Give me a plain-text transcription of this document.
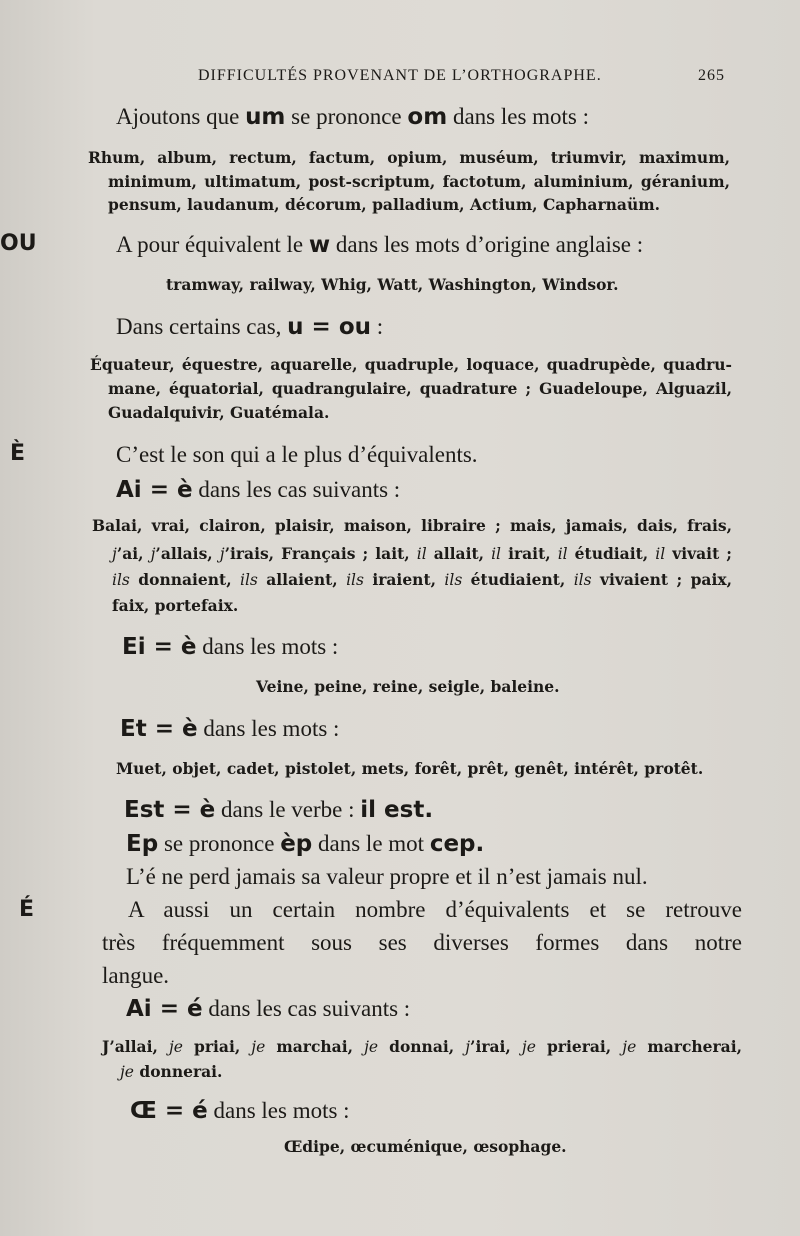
DIFFICULTÉS PROVENANT DE L’ORTHOGRAPHE.	265
OU
È
É
Ajoutons que um se prononce om dans les mots :
Rhum, album, rectum, factum, opium, muséum, triumvir, maximum,
minimum, ultimatum, post-scriptum, factotum, aluminium, géranium,
pensum, laudanum, décorum, palladium, Actium, Capharnaüm.
A pour équivalent le w dans les mots d’origine anglaise :
tramway, railway, Whig, Watt, Washington, Windsor.
Dans certains cas, u = ou :
Équateur, équestre, aquarelle, quadruple, loquace, quadrupède, quadru-
mane, équatorial, quadrangulaire, quadrature ; Guadeloupe, Alguazil,
Guadalquivir, Guatémala.
C’est le son qui a le plus d’équivalents.
Ai = è dans les cas suivants :
Balai, vrai, clairon, plaisir, maison, libraire ; mais, jamais, dais, frais,
j’ai, j’allais, j’irais, Français ; lait, il allait, il irait, il étudiait, il vivait ;
ils donnaient, ils allaient, ils iraient, ils étudiaient, ils vivaient ; paix,
faix, portefaix.
Ei = è dans les mots :
Veine, peine, reine, seigle, baleine.
Et = è dans les mots :
Muet, objet, cadet, pistolet, mets, forêt, prêt, genêt, intérêt, protêt.
Est = è dans le verbe : il est.
Ep se prononce èp dans le mot cep.
L’é ne perd jamais sa valeur propre et il n’est jamais nul.
A aussi un certain nombre d’équivalents et se retrouve
très fréquemment sous ses diverses formes dans notre
langue.
Ai = é dans les cas suivants :
J’allai, je priai, je marchai, je donnai, j’irai, je prierai, je marcherai,
je donnerai.
Œ = é dans les mots :
Œdipe, œcuménique, œsophage.
